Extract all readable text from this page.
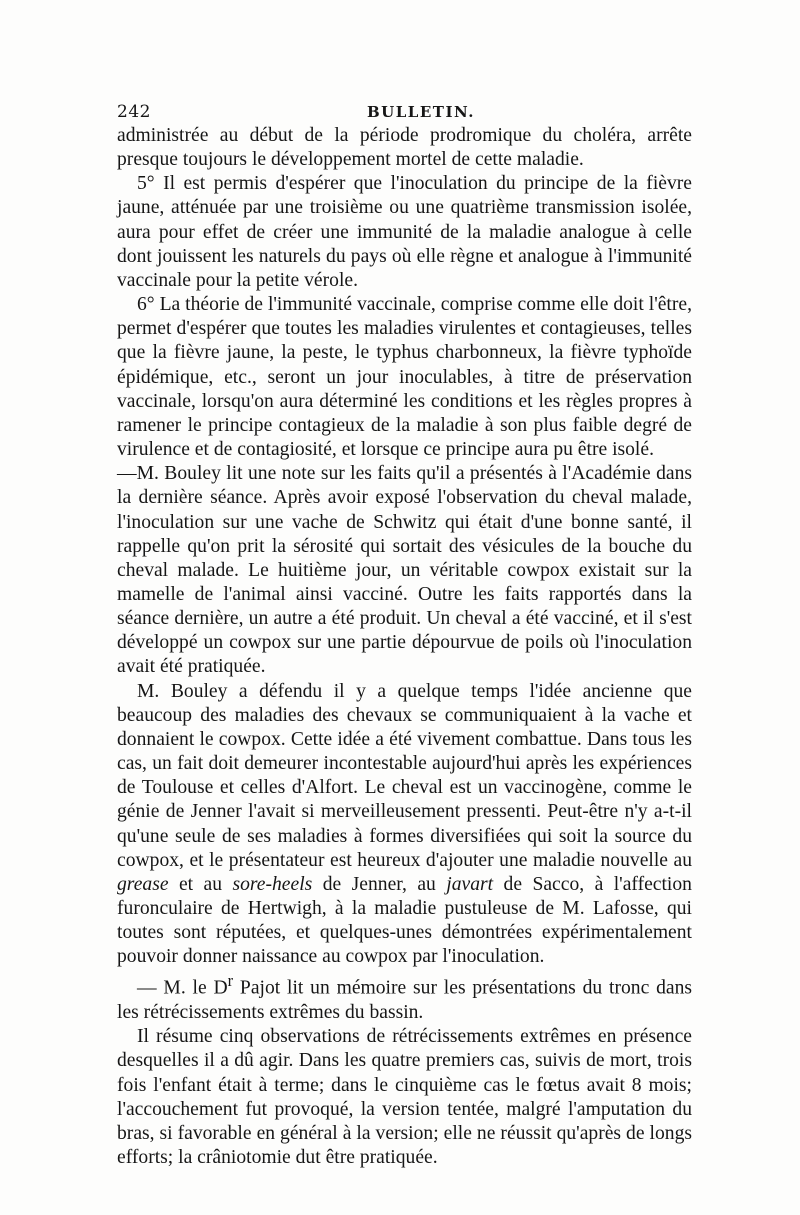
242	BULLETIN.

administrée au début de la période prodromique du choléra, arrête presque toujours le développement mortel de cette maladie.

5° Il est permis d'espérer que l'inoculation du principe de la fièvre jaune, atténuée par une troisième ou une quatrième transmission isolée, aura pour effet de créer une immunité de la maladie analogue à celle dont jouissent les naturels du pays où elle règne et analogue à l'immunité vaccinale pour la petite vérole.

6° La théorie de l'immunité vaccinale, comprise comme elle doit l'être, permet d'espérer que toutes les maladies virulentes et contagieuses, telles que la fièvre jaune, la peste, le typhus charbonneux, la fièvre typhoïde épidémique, etc., seront un jour inoculables, à titre de préservation vaccinale, lorsqu'on aura déterminé les conditions et les règles propres à ramener le principe contagieux de la maladie à son plus faible degré de virulence et de contagiosité, et lorsque ce principe aura pu être isolé.

—M. Bouley lit une note sur les faits qu'il a présentés à l'Académie dans la dernière séance. Après avoir exposé l'observation du cheval malade, l'inoculation sur une vache de Schwitz qui était d'une bonne santé, il rappelle qu'on prit la sérosité qui sortait des vésicules de la bouche du cheval malade. Le huitième jour, un véritable cowpox existait sur la mamelle de l'animal ainsi vacciné. Outre les faits rapportés dans la séance dernière, un autre a été produit. Un cheval a été vacciné, et il s'est développé un cowpox sur une partie dépourvue de poils où l'inoculation avait été pratiquée.

M. Bouley a défendu il y a quelque temps l'idée ancienne que beaucoup des maladies des chevaux se communiquaient à la vache et donnaient le cowpox. Cette idée a été vivement combattue. Dans tous les cas, un fait doit demeurer incontestable aujourd'hui après les expériences de Toulouse et celles d'Alfort. Le cheval est un vaccinogène, comme le génie de Jenner l'avait si merveilleusement pressenti. Peut-être n'y a-t-il qu'une seule de ses maladies à formes diversifiées qui soit la source du cowpox, et le présentateur est heureux d'ajouter une maladie nouvelle au grease et au sore-heels de Jenner, au javart de Sacco, à l'affection furonculaire de Hertwigh, à la maladie pustuleuse de M. Lafosse, qui toutes sont réputées, et quelques-unes démontrées expérimentalement pouvoir donner naissance au cowpox par l'inoculation.

— M. le $D^r$ Pajot lit un mémoire sur les présentations du tronc dans les rétrécissements extrêmes du bassin.

Il résume cinq observations de rétrécissements extrêmes en présence desquelles il a dû agir. Dans les quatre premiers cas, suivis de mort, trois fois l'enfant était à terme; dans le cinquième cas le fœtus avait 8 mois; l'accouchement fut provoqué, la version tentée, malgré l'amputation du bras, si favorable en général à la version; elle ne réussit qu'après de longs efforts; la crâniotomie dut être pratiquée.
